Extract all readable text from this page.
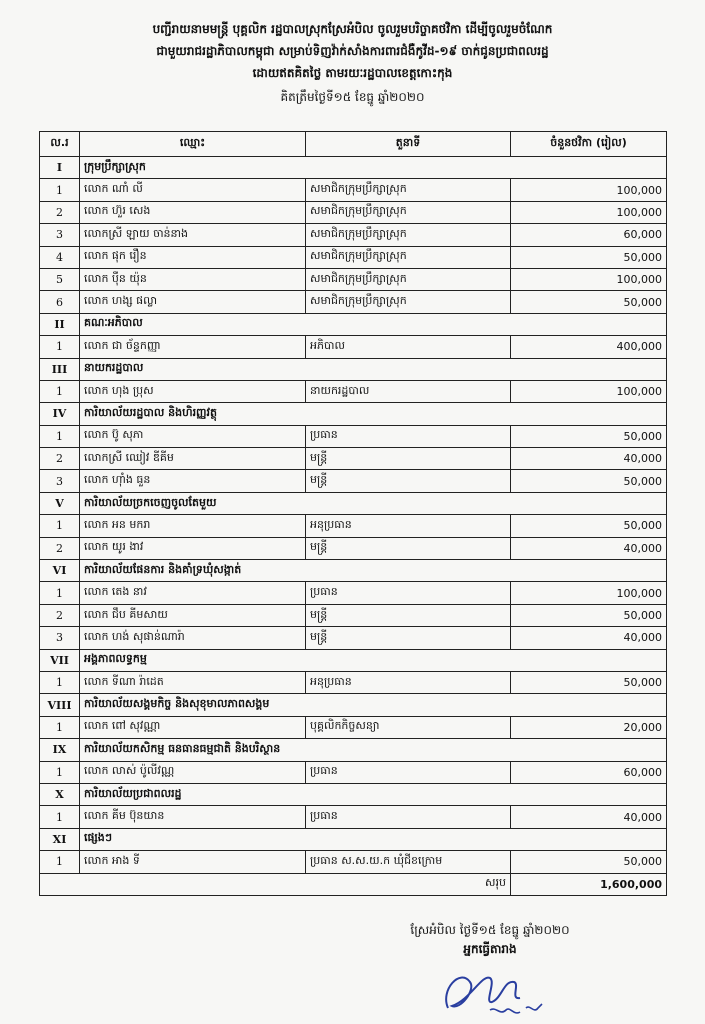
បញ្ជីរាយនាមមន្ត្រី បុគ្គលិក រដ្ឋបាលស្រុកស្រែអំបិល ចូលរួមបរិច្ចាគថវិកា ដើម្បីចូលរួមចំណែក
ជាមួយរាជរដ្ឋាភិបាលកម្ពុជា សម្រាប់ទិញវ៉ាក់សាំងការពារជំងឺកូវីដ-១៩ ចាក់ជូនប្រជាពលរដ្ឋ
ដោយឥតគិតថ្លៃ តាមរយៈរដ្ឋបាលខេត្តកោះកុង
គិតត្រឹមថ្ងៃទី១៥ ខែធ្នូ ឆ្នាំ២០២០
ល.រ	ឈ្មោះ	តួនាទី	ចំនួនថវិកា (រៀល)
I	ក្រុមប្រឹក្សាស្រុក		
1	លោក ណាំ លី	សមាជិកក្រុមប្រឹក្សាស្រុក	100,000
2	លោក ហ៊ួរ សេង	សមាជិកក្រុមប្រឹក្សាស្រុក	100,000
3	លោកស្រី ឡាយ ចាន់នាង	សមាជិកក្រុមប្រឹក្សាស្រុក	60,000
4	លោក ផុក រឿន	សមាជិកក្រុមប្រឹក្សាស្រុក	50,000
5	លោក ប៉ឺន យ៉ុន	សមាជិកក្រុមប្រឹក្សាស្រុក	100,000
6	លោក ហង្ស ផល្លា	សមាជិកក្រុមប្រឹក្សាស្រុក	50,000
II	គណៈអភិបាល		
1	លោក ជា ច័ន្ទកញ្ញា	អភិបាល	400,000
III	នាយករដ្ឋបាល		
1	លោក ហុង ប្រុស	នាយករដ្ឋបាល	100,000
IV	ការិយាល័យរដ្ឋបាល និងហិរញ្ញវត្ថុ		
1	លោក ប៊ូ សុភា	ប្រធាន	50,000
2	លោកស្រី ឈៀវ ឌីគីម	មន្ត្រី	40,000
3	លោក ហ៊ាំង ធួន	មន្ត្រី	50,000
V	ការិយាល័យច្រកចេញចូលតែមួយ		
1	លោក អន មករា	អនុប្រធាន	50,000
2	លោក យូរ ងាវ	មន្ត្រី	40,000
VI	ការិយាល័យផែនការ និងគាំទ្រឃុំសង្កាត់		
1	លោក តេង នាវ	ប្រធាន	100,000
2	លោក ជឹប គីមសាយ	មន្ត្រី	50,000
3	លោក ហង់ សុផាន់ណារ៉ា	មន្ត្រី	40,000
VII	អង្គភាពលទ្ធកម្ម		
1	លោក ទីណា រ៉ាដេត	អនុប្រធាន	50,000
VIII	ការិយាល័យសង្គមកិច្ច និងសុខុមាលភាពសង្គម		
1	លោក ពៅ សុវណ្ណា	បុគ្គលិកកិច្ចសន្យា	20,000
IX	ការិយាល័យកសិកម្ម ធនធានធម្មជាតិ និងបរិស្ថាន		
1	លោក លាស់ ប៉ូលីវណ្ណ	ប្រធាន	60,000
X	ការិយាល័យប្រជាពលរដ្ឋ		
1	លោក គីម ប៊ុនយាន	ប្រធាន	40,000
XI	ផ្សេងៗ		
1	លោក អាង ទី	ប្រធាន ស.ស.យ.ក ឃុំជីខក្រោម	50,000
សរុប			1,600,000
ស្រែអំបិល ថ្ងៃទី១៥ ខែធ្នូ ឆ្នាំ២០២០
អ្នកធ្វើតារាង
